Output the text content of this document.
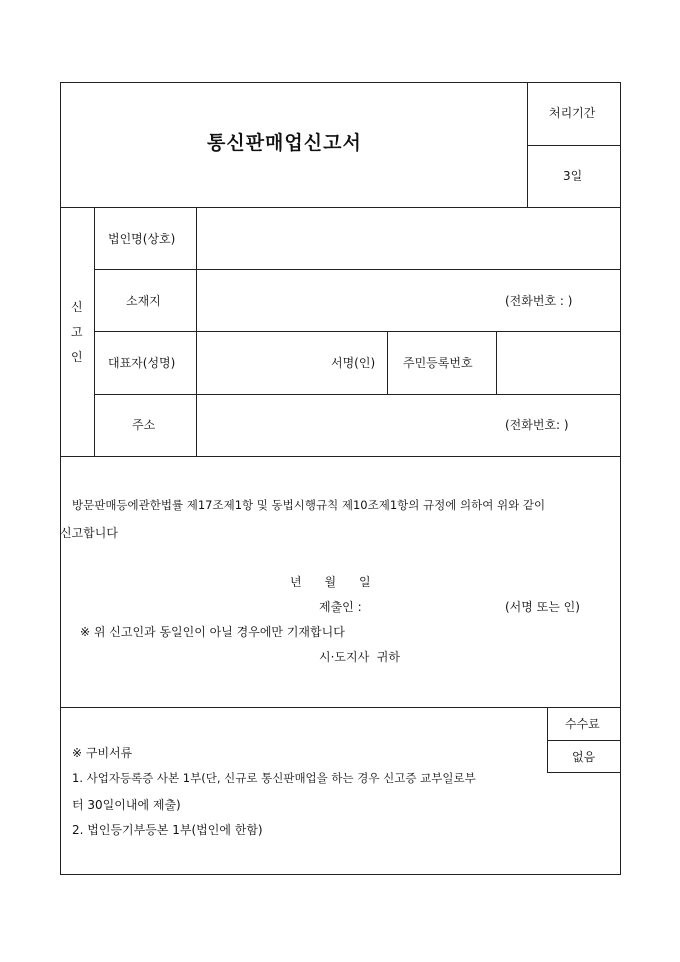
통신판매업신고서
처리기간
3일
신
고
인
법인명(상호)
소재지	(전화번호 : )
대표자(성명)	서명(인) 주민등록번호
주소	(전화번호: )
방문판매등에관한법률 제17조제1항 및 동법시행규칙 제10조제1항의 규정에 의하여 위와 같이
신고합니다
년      월      일
제출인 :	(서명 또는 인)
※ 위 신고인과 동일인이 아닐 경우에만 기재합니다
시·도지사  귀하
수수료
없음
※ 구비서류
1. 사업자등록증 사본 1부(단, 신규로 통신판매업을 하는 경우 신고증 교부일로부
터 30일이내에 제출)
2. 법인등기부등본 1부(법인에 한함)
